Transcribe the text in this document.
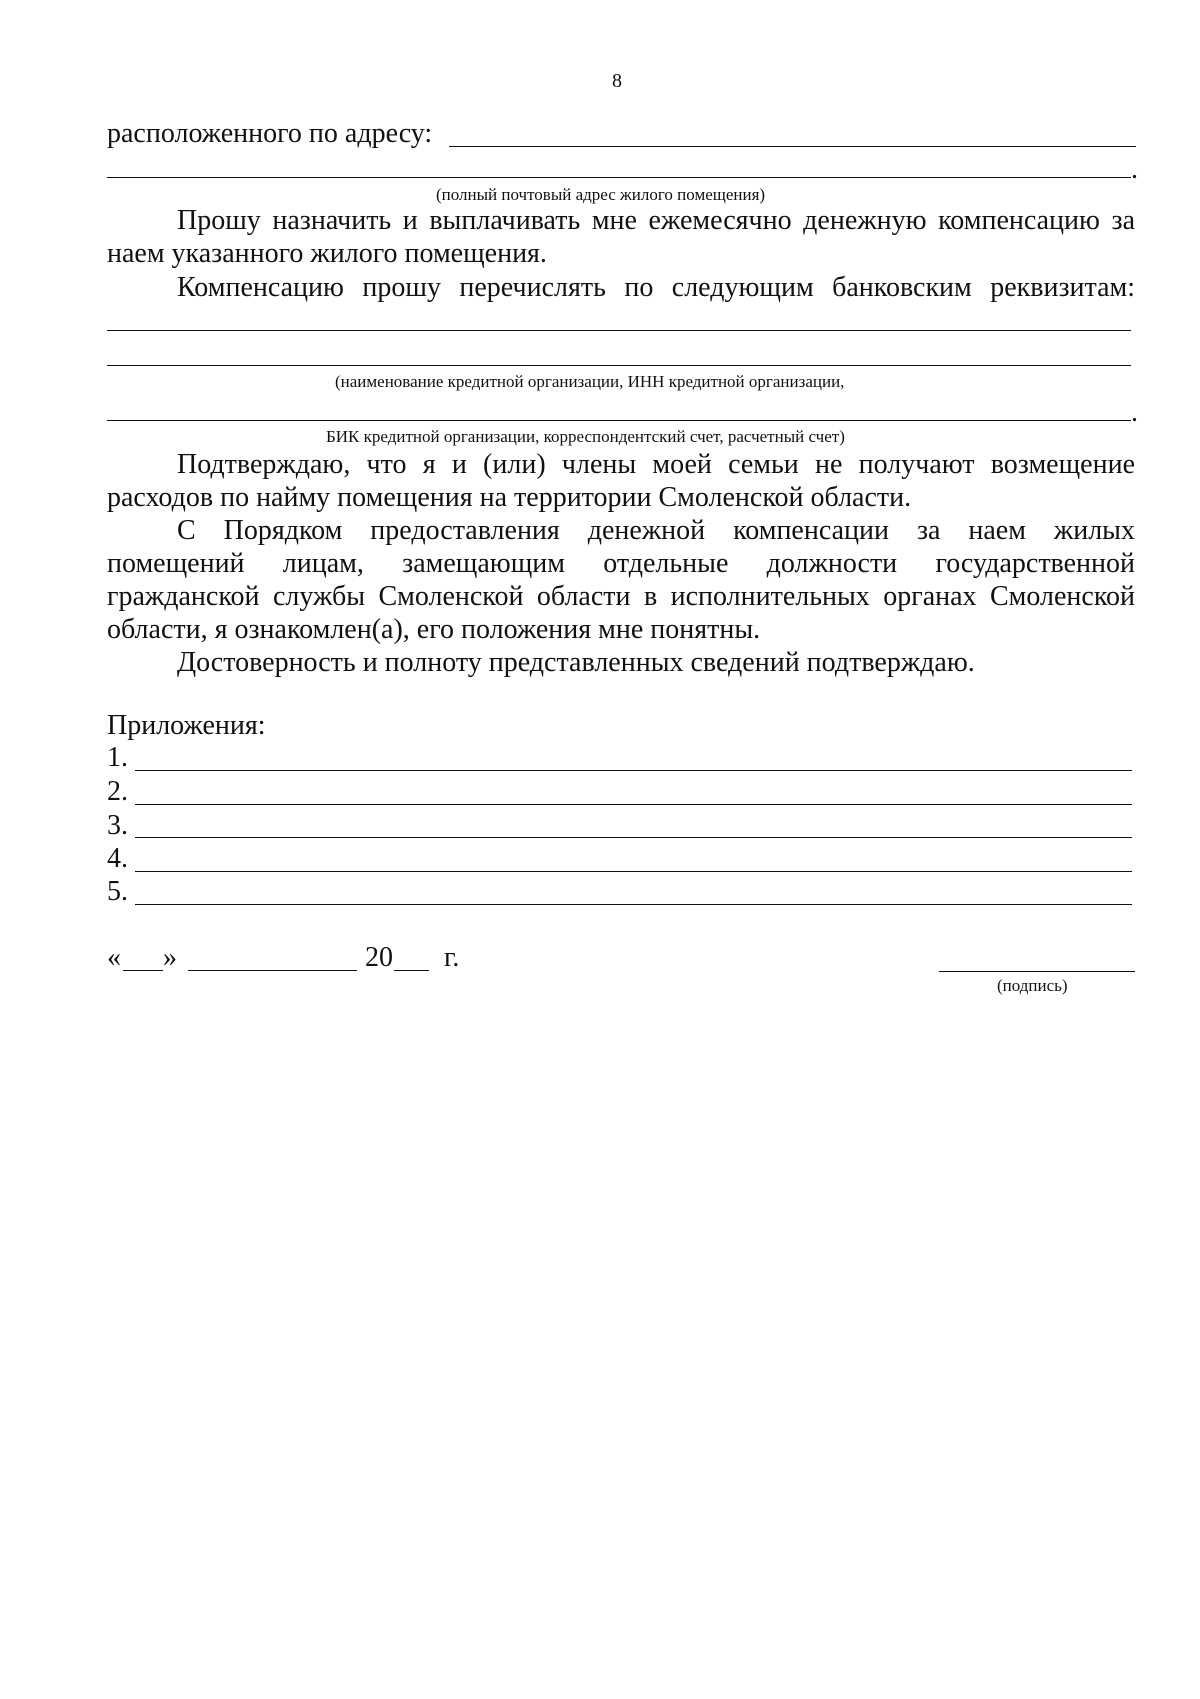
8
расположенного по адресу:
.
(полный почтовый адрес жилого помещения)
Прошу назначить и выплачивать мне ежемесячно денежную компенсацию за
наем указанного жилого помещения.
Компенсацию прошу перечислять по следующим банковским реквизитам:
(наименование кредитной организации, ИНН кредитной организации,
.
БИК кредитной организации, корреспондентский счет, расчетный счет)
Подтверждаю, что я и (или) члены моей семьи не получают возмещение
расходов по найму помещения на территории Смоленской области.
С Порядком предоставления денежной компенсации за наем жилых
помещений лицам, замещающим отдельные должности государственной
гражданской службы Смоленской области в исполнительных органах Смоленской
области, я ознакомлен(а), его положения мне понятны.
Достоверность и полноту представленных сведений подтверждаю.
Приложения:
1.
2.
3.
4.
5.
« »	20 г.
(подпись)
